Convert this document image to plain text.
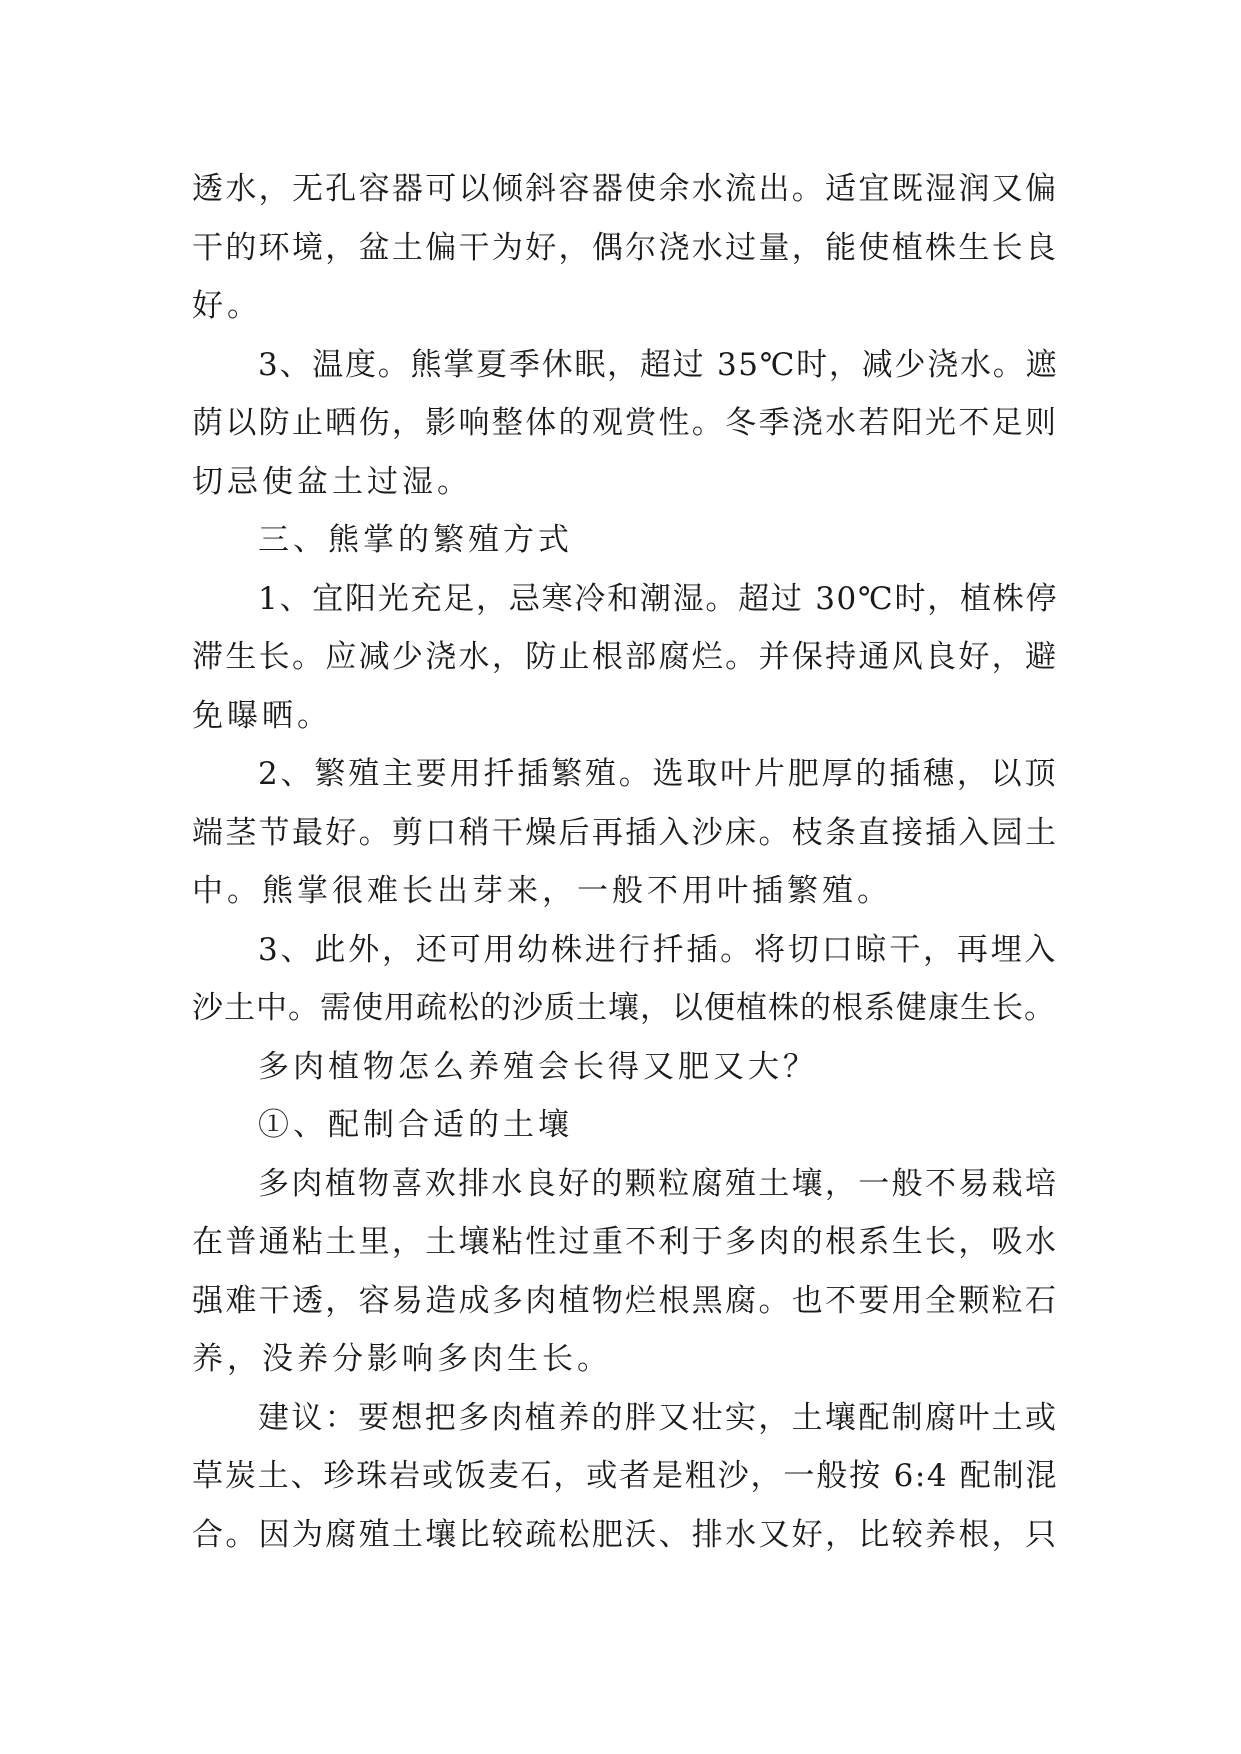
透水，无孔容器可以倾斜容器使余水流出。适宜既湿润又偏
干的环境，盆土偏干为好，偶尔浇水过量，能使植株生长良
好。
3、温度。熊掌夏季休眠，超过 35℃时，减少浇水。遮
荫以防止晒伤，影响整体的观赏性。冬季浇水若阳光不足则
切忌使盆土过湿。
三、熊掌的繁殖方式
1、宜阳光充足，忌寒冷和潮湿。超过 30℃时，植株停
滞生长。应减少浇水，防止根部腐烂。并保持通风良好，避
免曝晒。
2、繁殖主要用扦插繁殖。选取叶片肥厚的插穗，以顶
端茎节最好。剪口稍干燥后再插入沙床。枝条直接插入园土
中。熊掌很难长出芽来，一般不用叶插繁殖。
3、此外，还可用幼株进行扦插。将切口晾干，再埋入
沙土中。需使用疏松的沙质土壤，以便植株的根系健康生长。
多肉植物怎么养殖会长得又肥又大？
①、配制合适的土壤
多肉植物喜欢排水良好的颗粒腐殖土壤，一般不易栽培
在普通粘土里，土壤粘性过重不利于多肉的根系生长，吸水
强难干透，容易造成多肉植物烂根黑腐。也不要用全颗粒石
养，没养分影响多肉生长。
建议：要想把多肉植养的胖又壮实，土壤配制腐叶土或
草炭土、珍珠岩或饭麦石，或者是粗沙，一般按 6:4 配制混
合。因为腐殖土壤比较疏松肥沃、排水又好，比较养根，只
